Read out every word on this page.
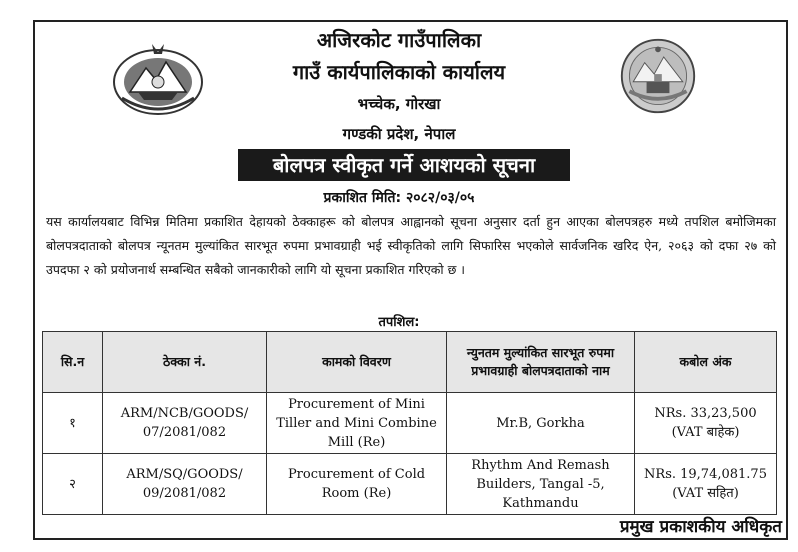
अजिरकोट गाउँपालिका
गाउँ कार्यपालिकाको कार्यालय
भच्चेक, गोरखा
गण्डकी प्रदेश, नेपाल
बोलपत्र स्वीकृत गर्ने आशयको सूचना
प्रकाशित मिति: २०८२/०३/०५
यस कार्यालयबाट विभिन्न मितिमा प्रकाशित देहायको ठेक्काहरू को बोलपत्र आह्वानको सूचना अनुसार दर्ता हुन आएका बोलपत्रहरु मध्ये तपशिल बमोजिमका बोलपत्रदाताको बोलपत्र न्यूनतम मुल्यांकित सारभूत रुपमा प्रभावग्राही भई स्वीकृतिको लागि सिफारिस भएकोले सार्वजनिक खरिद ऐन, २०६३ को दफा २७ को उपदफा २ को प्रयोजनार्थ सम्बन्धित सबैको जानकारीको लागि यो सूचना प्रकाशित गरिएको छ ।
तपशिल:
सि.न	ठेक्का नं.	कामको विवरण	न्युनतम मुल्यांकित सारभूत रुपमा प्रभावग्राही बोलपत्रदाताको नाम	कबोल अंक
१	ARM/NCB/GOODS/ 07/2081/082	Procurement of Mini Tiller and Mini Combine Mill (Re)	Mr.B, Gorkha	NRs. 33,23,500
(VAT बाहेक)

२	ARM/SQ/GOODS/ 09/2081/082	Procurement of Cold Room (Re)	Rhythm And Remash Builders, Tangal -5, Kathmandu	NRs. 19,74,081.75
(VAT सहित)
प्रमुख प्रकाशकीय अधिकृत
